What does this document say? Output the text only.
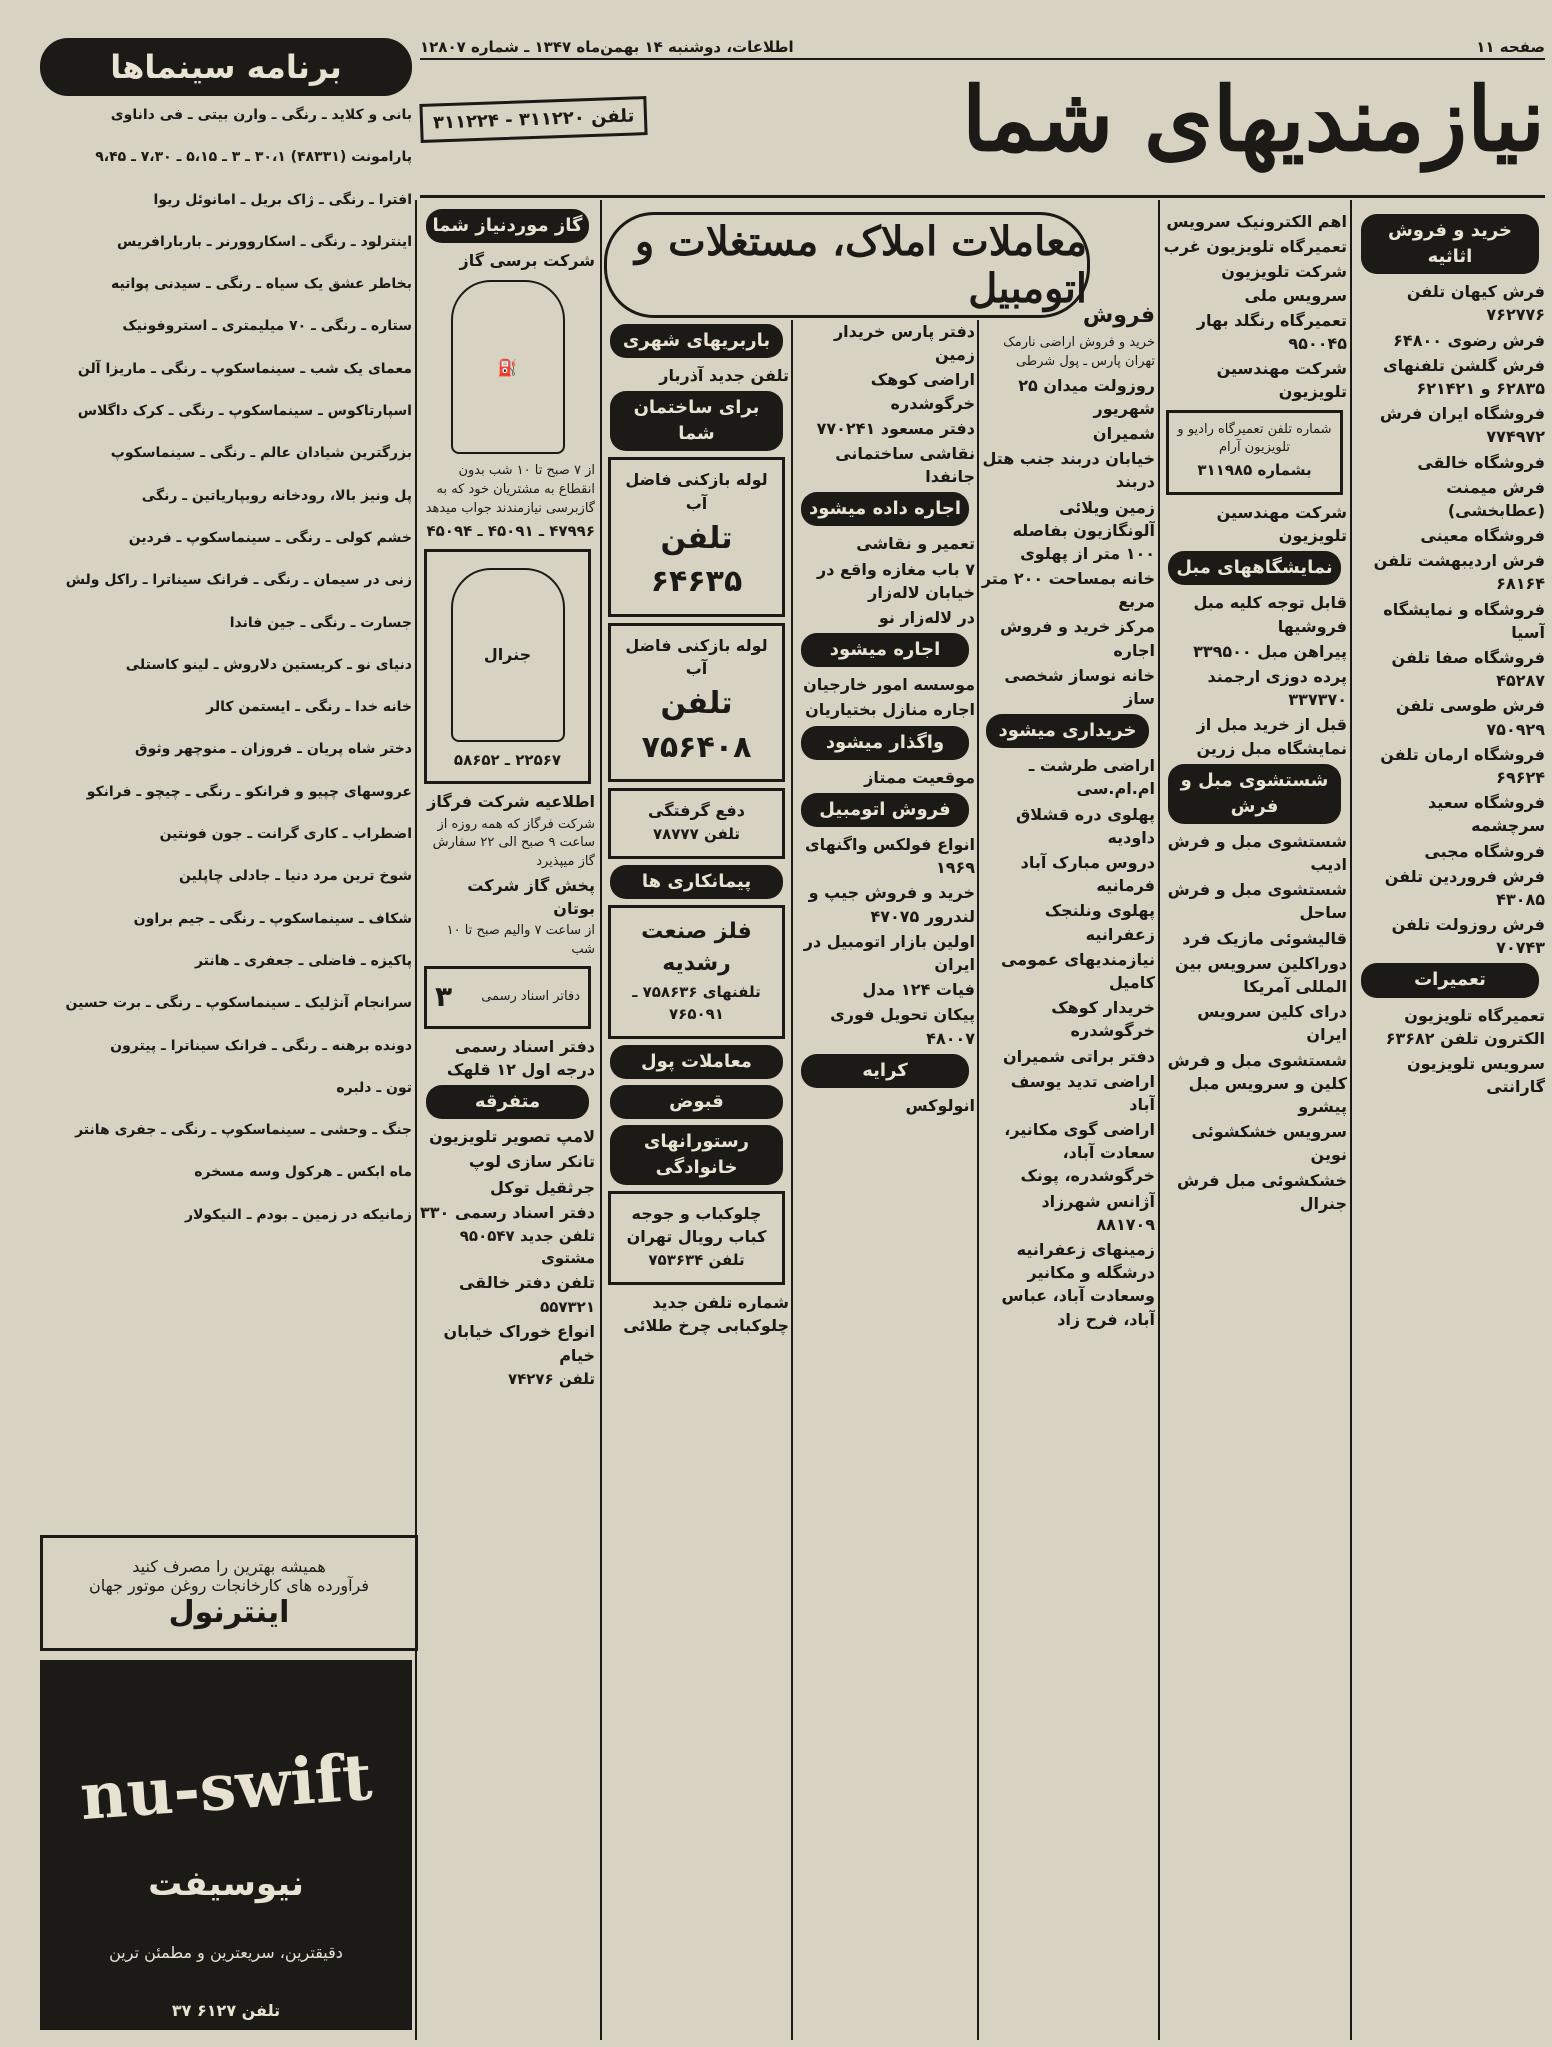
صفحه ۱۱
اطلاعات، دوشنبه ۱۴ بهمن‌ماه ۱۳۴۷ ـ شماره ۱۲۸۰۷
نیازمندیهای شما
تلفن ۳۱۱۲۲۰ - ۳۱۱۲۲۴
برنامه سینماها

بانی و کلاید ـ رنگی ـ وارن بیتی ـ فی داناوی

پارامونت (۴۸۳۳۱) ۳۰،۱ ـ ۳ ـ ۵،۱۵ ـ ۷،۳۰ ـ ۹،۴۵

افترا ـ رنگی ـ ژاک بریل ـ امانوئل ریوا

اینترلود ـ رنگی ـ اسکاروورنر ـ باربارافریس

بخاطر عشق یک سیاه ـ رنگی ـ سیدنی پواتیه

ستاره ـ رنگی ـ ۷۰ میلیمتری ـ استروفونیک

معمای یک شب ـ سینماسکوپ ـ رنگی ـ ماریزا آلن

اسپارتاکوس ـ سینماسکوپ ـ رنگی ـ کرک داگلاس

بزرگترین شیادان عالم ـ رنگی ـ سینماسکوپ

پل ونیز بالا، رودخانه روبپاریاتین ـ رنگی

خشم کولی ـ رنگی ـ سینماسکوپ ـ فردین

زنی در سیمان ـ رنگی ـ فرانک سیناترا ـ راکل ولش

جسارت ـ رنگی ـ جین فاندا

دنیای نو ـ کریستین دلاروش ـ لینو کاستلی

خانه خدا ـ رنگی ـ ایستمن کالر

دختر شاه پریان ـ فروزان ـ منوچهر وثوق

عروسهای چپیو و فرانکو ـ رنگی ـ چیچو ـ فرانکو

اضطراب ـ کاری گرانت ـ جون فونتین

شوخ ترین مرد دنیا ـ جادلی چاپلین

شکاف ـ سینماسکوپ ـ رنگی ـ جیم براون

پاکیزه ـ فاضلی ـ جعفری ـ هانتر

سرانجام آنژلیک ـ سینماسکوپ ـ رنگی ـ برت حسین

دونده برهنه ـ رنگی ـ فرانک سیناترا ـ پیترون

تون ـ دلبره

جنگ ـ وحشی ـ سینماسکوپ ـ رنگی ـ جفری هانتر

ماه ابکس ـ هرکول وسه مسخره

زمانیکه در زمین ـ بودم ـ النیکولار

گاز موردنیاز شما

شرکت برسی گاز

⛽

از ۷ صبح تا ۱۰ شب بدون انقطاع به مشتریان خود که به گازبرسی نیازمندند جواب میدهد

۴۷۹۹۶ ـ ۴۵۰۹۱ ـ ۴۵۰۹۴

جنرال

۲۲۵۶۷ ـ ۵۸۶۵۲

اطلاعیه شرکت فرگاز

شرکت فرگاز که همه روزه از ساعت ۹ صبح الی ۲۲ سفارش گاز میپذیرد

پخش گاز شرکت بوتان

از ساعت ۷ والیم صبح تا ۱۰ شب

دفاتر اسناد رسمی
۳

دفتر اسناد رسمی درجه اول ۱۲ قلهک

متفرقه

لامپ تصویر تلویزیون

تانکر سازی لوپ

جرثقیل توکل

دفتر اسناد رسمی ۳۳۰

تلفن جدید ۹۵۰۵۴۷ مشتوی

تلفن دفتر خالقی

۵۵۷۳۲۱

انواع خوراک خیابان خیام

تلفن ۷۴۲۷۶

همیشه بهترین را مصرف کنید
فرآورده های کارخانجات روغن موتور جهان
اینترنول
nu-swift
نیوسیفت
دقیقترین، سریعترین و مطمئن ترین
تلفن ۶۱۲۷ ۳۷
معاملات املاک، مستغلات و اتومبیل
باربریهای شهری

تلفن جدید آذربار

برای ساختمان شما

لوله بازکنی فاضل آب

تلفن ۶۴۶۳۵

لوله بازکنی فاضل آب

تلفن ۷۵۶۴۰۸

دفع گرفتگی

تلفن ۷۸۷۷۷

پیمانکاری ها

فلز صنعت رشدیه

تلفنهای ۷۵۸۶۳۶ ـ ۷۶۵۰۹۱

معاملات پول
قبوض
رستورانهای خانوادگی

چلوکباب و جوجه کباب رویال تهران

تلفن ۷۵۳۶۳۴

شماره تلفن جدید چلوکبابی چرخ طلائی

دفتر پارس خریدار زمین

اراضی کوهک خرگوشدره

دفتر مسعود ۷۷۰۲۴۱

نقاشی ساختمانی جانفدا

اجاره داده میشود

تعمیر و نقاشی

۷ باب مغازه واقع در خیابان لاله‌زار

در لاله‌زار نو

اجاره میشود

موسسه امور خارجیان

اجاره منازل بختیاریان

واگذار میشود

موقعیت ممتاز

فروش اتومبیل

انواع فولکس واگنهای ۱۹۶۹

خرید و فروش جیپ و لندرور ۴۷۰۷۵

اولین بازار اتومبیل در ایران

فیات ۱۲۴ مدل

پیکان تحویل فوری ۴۸۰۰۷

کرایه

انولوکس

فروش

خرید و فروش اراضی نارمک تهران پارس ـ پول شرطی

روزولت میدان ۲۵ شهریور

شمیران

خیابان دربند جنب هتل دربند

زمین ویلائی آلونگازیون بفاصله ۱۰۰ متر از پهلوی

خانه بمساحت ۲۰۰ متر مربع

مرکز خرید و فروش اجاره

خانه نوساز شخصی ساز

خریداری میشود

اراضی طرشت ـ ام.ام.سی

پهلوی دره قشلاق داودیه

دروس مبارک آباد فرمانیه

پهلوی ونلنجک زعفرانیه

نیازمندیهای عمومی کامیل

خریدار کوهک خرگوشدره

دفتر براتی شمیران

اراضی تدید یوسف آباد

اراضی گوی مکانیر، سعادت آباد، خرگوشدره، پونک

آژانس شهرزاد ۸۸۱۷۰۹

زمینهای زعفرانیه درشگله و مکانیر وسعادت آباد، عباس آباد، فرح زاد

اهم الکترونیک سرویس

تعمیرگاه تلویزیون غرب

شرکت تلویزیون سرویس ملی

تعمیرگاه رنگلد بهار ۹۵۰۰۴۵

شرکت مهندسین تلویزیون

شماره تلفن تعمیرگاه رادیو و تلویزیون آرام

بشماره ۳۱۱۹۸۵

شرکت مهندسین تلویزیون

نمایشگاههای مبل

قابل توجه کلیه مبل فروشیها

پیراهن مبل ۳۳۹۵۰۰

پرده دوزی ارجمند ۳۳۷۳۷۰

قبل از خرید مبل از نمایشگاه مبل زرین

شستشوی مبل و فرش

شستشوی مبل و فرش ادیب

شستشوی مبل و فرش ساحل

قالیشوئی مازیک فرد

دوراکلین سرویس بین المللی آمریکا

درای کلین سرویس ایران

شستشوی مبل و فرش کلین و سرویس مبل پیشرو

سرویس خشکشوئی نوین

خشکشوئی مبل فرش جنرال

خرید و فروش اثاثیه

فرش کیهان تلفن ۷۶۲۷۷۶

فرش رضوی ۶۴۸۰۰

فرش گلشن تلفنهای ۶۲۸۳۵ و ۶۲۱۴۲۱

فروشگاه ایران فرش ۷۷۴۹۷۲

فروشگاه خالقی

فرش میمنت (عطابخشی)

فروشگاه معینی

فرش اردیبهشت تلفن ۶۸۱۶۴

فروشگاه و نمایشگاه آسیا

فروشگاه صفا تلفن ۴۵۲۸۷

فرش طوسی تلفن ۷۵۰۹۲۹

فروشگاه ارمان تلفن ۶۹۶۲۴

فروشگاه سعید سرچشمه

فروشگاه مجبی

فرش فروردین تلفن ۴۳۰۸۵

فرش روزولت تلفن ۷۰۷۴۳

تعمیرات

تعمیرگاه تلویزیون الکترون تلفن ۶۳۶۸۲

سرویس تلویزیون گارانتی
